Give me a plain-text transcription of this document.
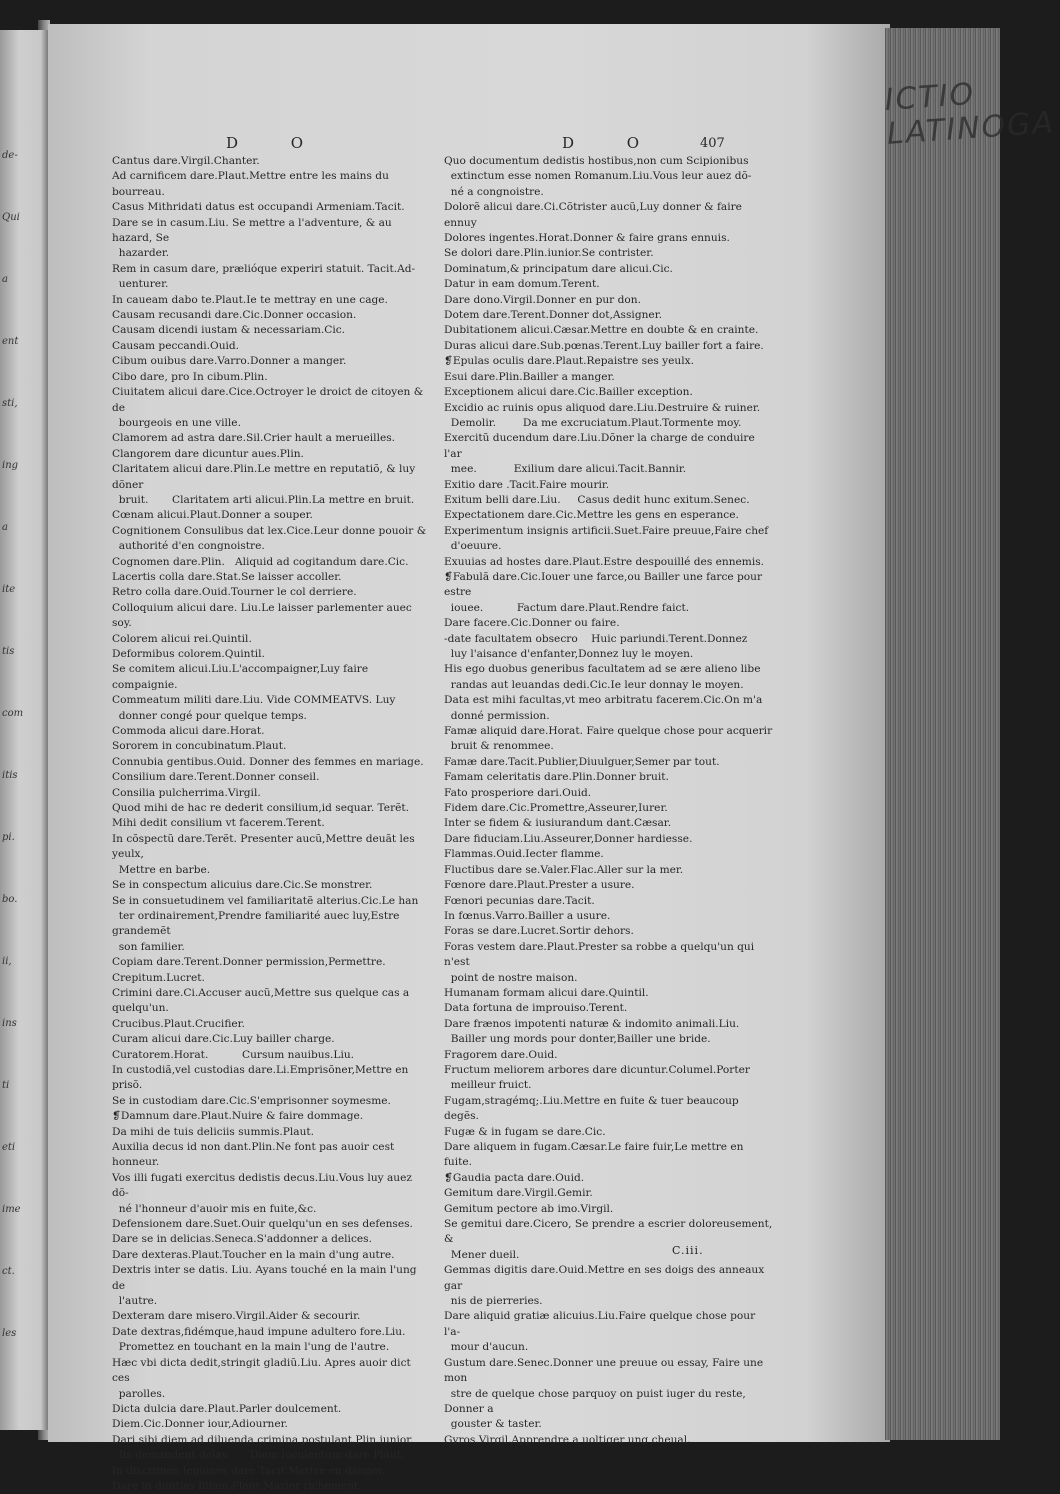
de-
Qui
a
ent
sti,
ing
a
ite
tis
com
itis
pi.
bo.
ii,
ins
ti
eti
ime
ct.
les
ICTIO LATINOGA
D O	D O	407
Cantus dare.Virgil.Chanter.
Ad carnificem dare.Plaut.Mettre entre les mains du bourreau.
Casus Mithridati datus est occupandi Armeniam.Tacit.
Dare se in casum.Liu. Se mettre a l'adventure, & au hazard, Se
hazarder.
Rem in casum dare, prælióque experiri statuit. Tacit.Ad-
uenturer.
In caueam dabo te.Plaut.Ie te mettray en une cage.
Causam recusandi dare.Cic.Donner occasion.
Causam dicendi iustam & necessariam.Cic.
Causam peccandi.Ouid.
Cibum ouibus dare.Varro.Donner a manger.
Cibo dare, pro In cibum.Plin.
Ciuitatem alicui dare.Cice.Octroyer le droict de citoyen & de
bourgeois en une ville.
Clamorem ad astra dare.Sil.Crier hault a merueilles.
Clangorem dare dicuntur aues.Plin.
Claritatem alicui dare.Plin.Le mettre en reputatiõ, & luy dõner
bruit.       Claritatem arti alicui.Plin.La mettre en bruit.
Cœnam alicui.Plaut.Donner a souper.
Cognitionem Consulibus dat lex.Cice.Leur donne pouoir &
authorité d'en congnoistre.
Cognomen dare.Plin.   Aliquid ad cogitandum dare.Cic.
Lacertis colla dare.Stat.Se laisser accoller.
Retro colla dare.Ouid.Tourner le col derriere.
Colloquium alicui dare. Liu.Le laisser parlementer auec soy.
Colorem alicui rei.Quintil.
Deformibus colorem.Quintil.
Se comitem alicui.Liu.L'accompaigner,Luy faire compaignie.
Commeatum militi dare.Liu. Vide COMMEATVS. Luy
donner congé pour quelque temps.
Commoda alicui dare.Horat.
Sororem in concubinatum.Plaut.
Connubia gentibus.Ouid. Donner des femmes en mariage.
Consilium dare.Terent.Donner conseil.
Consilia pulcherrima.Virgil.
Quod mihi de hac re dederit consilium,id sequar. Terẽt.
Mihi dedit consilium vt facerem.Terent.
In cõspectũ dare.Terẽt. Presenter aucũ,Mettre deuãt les yeulx,
Mettre en barbe.
Se in conspectum alicuius dare.Cic.Se monstrer.
Se in consuetudinem vel familiaritatẽ alterius.Cic.Le han
ter ordinairement,Prendre familiarité auec luy,Estre grandemẽt
son familier.
Copiam dare.Terent.Donner permission,Permettre.
Crepitum.Lucret.
Crimini dare.Ci.Accuser aucũ,Mettre sus quelque cas a quelqu'un.
Crucibus.Plaut.Crucifier.
Curam alicui dare.Cic.Luy bailler charge.
Curatorem.Horat.          Cursum nauibus.Liu.
In custodiã,vel custodias dare.Li.Emprisõner,Mettre en prisõ.
Se in custodiam dare.Cic.S'emprisonner soymesme.
❡Damnum dare.Plaut.Nuire & faire dommage.
Da mihi de tuis deliciis summis.Plaut.
Auxilia decus id non dant.Plin.Ne font pas auoir cest honneur.
Vos illi fugati exercitus dedistis decus.Liu.Vous luy auez dõ-
né l'honneur d'auoir mis en fuite,&c.
Defensionem dare.Suet.Ouir quelqu'un en ses defenses.
Dare se in delicias.Seneca.S'addonner a delices.
Dare dexteras.Plaut.Toucher en la main d'ung autre.
Dextris inter se datis. Liu. Ayans touché en la main l'ung de
l'autre.
Dexteram dare misero.Virgil.Aider & secourir.
Date dextras,fidémque,haud impune adultero fore.Liu.
Promettez en touchant en la main l'ung de l'autre.
Hæc vbi dicta dedit,stringit gladiũ.Liu. Apres auoir dict ces
parolles.
Dicta dulcia dare.Plaut.Parler doulcement.
Diem.Cic.Donner iour,Adiourner.
Dari sibi diem ad diluenda crimina postulant.Plin.iunior.
Ils demandent delay.      Diem luculentum dare.Plaut.
In discrimen legiones dare.Tacit.Mettre en danger.
Dare in diuitias filiam.Plaut.Marier richement.
Quo documentum dedistis hostibus,non cum Scipionibus
extinctum esse nomen Romanum.Liu.Vous leur auez dõ-
né a congnoistre.
Dolorẽ alicui dare.Ci.Cõtrister aucũ,Luy donner & faire ennuy
Dolores ingentes.Horat.Donner & faire grans ennuis.
Se dolori dare.Plin.iunior.Se contrister.
Dominatum,& principatum dare alicui.Cic.
Datur in eam domum.Terent.
Dare dono.Virgil.Donner en pur don.
Dotem dare.Terent.Donner dot,Assigner.
Dubitationem alicui.Cæsar.Mettre en doubte & en crainte.
Duras alicui dare.Sub.pœnas.Terent.Luy bailler fort a faire.
❡Epulas oculis dare.Plaut.Repaistre ses yeulx.
Esui dare.Plin.Bailler a manger.
Exceptionem alicui dare.Cic.Bailler exception.
Excidio ac ruinis opus aliquod dare.Liu.Destruire & ruiner.
Demolir.        Da me excruciatum.Plaut.Tormente moy.
Exercitũ ducendum dare.Liu.Dõner la charge de conduire l'ar
mee.           Exilium dare alicui.Tacit.Bannir.
Exitio dare .Tacit.Faire mourir.
Exitum belli dare.Liu.     Casus dedit hunc exitum.Senec.
Expectationem dare.Cic.Mettre les gens en esperance.
Experimentum insignis artificii.Suet.Faire preuue,Faire chef
d'oeuure.
Exuuias ad hostes dare.Plaut.Estre despouillé des ennemis.
❡Fabulã dare.Cic.Iouer une farce,ou Bailler une farce pour estre
iouee.          Factum dare.Plaut.Rendre faict.
Dare facere.Cic.Donner ou faire.
-date facultatem obsecro    Huic pariundi.Terent.Donnez
luy l'aisance d'enfanter,Donnez luy le moyen.
His ego duobus generibus facultatem ad se ære alieno libe
randas aut leuandas dedi.Cic.Ie leur donnay le moyen.
Data est mihi facultas,vt meo arbitratu facerem.Cic.On m'a
donné permission.
Famæ aliquid dare.Horat. Faire quelque chose pour acquerir
bruit & renommee.
Famæ dare.Tacit.Publier,Diuulguer,Semer par tout.
Famam celeritatis dare.Plin.Donner bruit.
Fato prosperiore dari.Ouid.
Fidem dare.Cic.Promettre,Asseurer,Iurer.
Inter se fidem & iusiurandum dant.Cæsar.
Dare fiduciam.Liu.Asseurer,Donner hardiesse.
Flammas.Ouid.Iecter flamme.
Fluctibus dare se.Valer.Flac.Aller sur la mer.
Fœnore dare.Plaut.Prester a usure.
Fœnori pecunias dare.Tacit.
In fœnus.Varro.Bailler a usure.
Foras se dare.Lucret.Sortir dehors.
Foras vestem dare.Plaut.Prester sa robbe a quelqu'un qui n'est
point de nostre maison.
Humanam formam alicui dare.Quintil.
Data fortuna de improuiso.Terent.
Dare frænos impotenti naturæ & indomito animali.Liu.
Bailler ung mords pour donter,Bailler une bride.
Fragorem dare.Ouid.
Fructum meliorem arbores dare dicuntur.Columel.Porter
meilleur fruict.
Fugam,stragémq;.Liu.Mettre en fuite & tuer beaucoup degẽs.
Fugæ & in fugam se dare.Cic.
Dare aliquem in fugam.Cæsar.Le faire fuir,Le mettre en fuite.
❡Gaudia pacta dare.Ouid.
Gemitum dare.Virgil.Gemir.
Gemitum pectore ab imo.Virgil.
Se gemitui dare.Cicero, Se prendre a escrier doloreusement, &
Mener dueil.
Gemmas digitis dare.Ouid.Mettre en ses doigs des anneaux gar
nis de pierreries.
Dare aliquid gratiæ alicuius.Liu.Faire quelque chose pour l'a-
mour d'aucun.
Gustum dare.Senec.Donner une preuue ou essay, Faire une mon
stre de quelque chose parquoy on puist iuger du reste, Donner a
gouster & taster.
Gyros.Virgil.Apprendre a uoltiger ung cheual.
C.iii.
